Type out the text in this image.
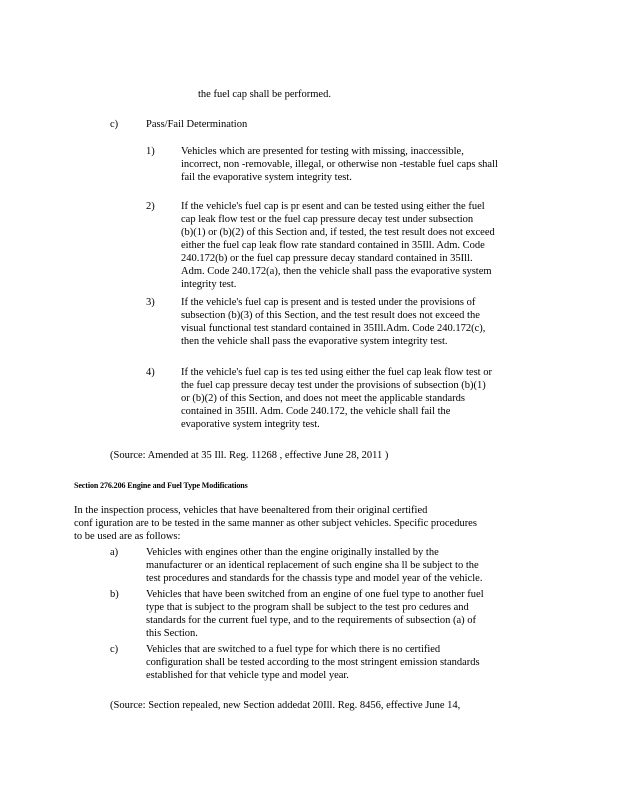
the fuel cap shall be performed.
c)	Pass/Fail Determination
1)	Vehicles which are presented for testing with missing, inaccessible,
incorrect, non -removable, illegal, or otherwise non -testable fuel caps shall
fail the evaporative system integrity test.
2)	If the vehicle's fuel cap is pr esent and can be tested using either the fuel
cap leak flow test or the fuel cap pressure decay test under subsection
(b)(1) or (b)(2) of this Section and, if tested, the test result does not exceed
either the fuel cap leak flow rate standard contained in 35Ill. Adm. Code
240.172(b) or the fuel cap pressure decay standard contained in 35Ill.
Adm. Code 240.172(a), then the vehicle shall pass the evaporative system
integrity test.
3)	If the vehicle's fuel cap is present and is tested under the provisions of
subsection (b)(3) of this Section, and the test result does not exceed the
visual functional test standard contained in 35Ill.Adm. Code 240.172(c),
then the vehicle shall pass the evaporative system integrity test.
4)	If the vehicle's fuel cap is tes ted using either the fuel cap leak flow test or
the fuel cap pressure decay test under the provisions of subsection (b)(1)
or (b)(2) of this Section, and does not meet the applicable standards
contained in 35Ill. Adm. Code 240.172, the vehicle shall fail the
evaporative system integrity test.
(Source: Amended at 35 Ill. Reg. 11268 , effective June 28, 2011 )
Section 276.206 Engine and Fuel Type Modifications
In the inspection process, vehicles that have beenaltered from their original certified
conf iguration are to be tested in the same manner as other subject vehicles. Specific procedures
to be used are as follows:
a)	Vehicles with engines other than the engine originally installed by the
manufacturer or an identical replacement of such engine sha ll be subject to the
test procedures and standards for the chassis type and model year of the vehicle.
b)	Vehicles that have been switched from an engine of one fuel type to another fuel
type that is subject to the program shall be subject to the test pro cedures and
standards for the current fuel type, and to the requirements of subsection (a) of
this Section.
c)	Vehicles that are switched to a fuel type for which there is no certified
configuration shall be tested according to the most stringent emission standards
established for that vehicle type and model year.
(Source: Section repealed, new Section addedat 20Ill. Reg. 8456, effective June 14,
